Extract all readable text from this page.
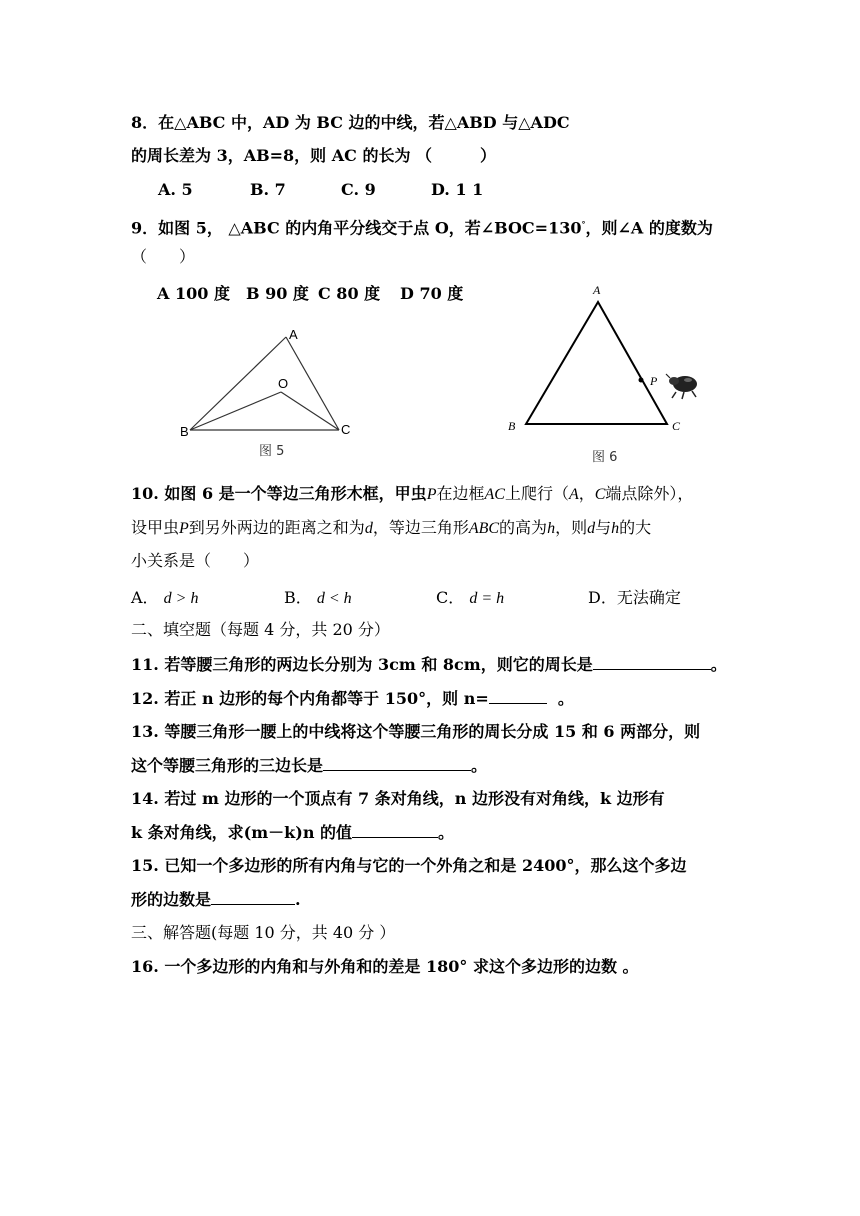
8．在△ABC 中，AD 为 BC 边的中线，若△ABD 与△ADC
的周长差为 3，AB=8，则 AC 的长为 （　　　）
A. 5	B. 7	C. 9	D. 1 1
9．如图 5， △ABC 的内角平分线交于点 O，若∠BOC=130°，则∠A 的度数为
（　　）
A 100 度 B 90 度 C 80 度 D 70 度
A
O
B	C
图 5
A
P
B	C
图 6
10. 如图 6 是一个等边三角形木框，甲虫P在边框AC上爬行（A，C端点除外），
设甲虫P到另外两边的距离之和为d，等边三角形ABC的高为h，则d与h的大
小关系是（　　）
A． d > h	B． d < h	C． d = h	D．无法确定
二、填空题（每题 4 分，共 20 分）
11. 若等腰三角形的两边长分别为 3cm 和 8cm，则它的周长是	。
12. 若正 n 边形的每个内角都等于 150°，则 n=	。
13. 等腰三角形一腰上的中线将这个等腰三角形的周长分成 15 和 6 两部分，则
这个等腰三角形的三边长是	。
14. 若过 m 边形的一个顶点有 7 条对角线，n 边形没有对角线，k 边形有
k 条对角线，求(m－k)n 的值	。
15. 已知一个多边形的所有内角与它的一个外角之和是 2400°，那么这个多边
形的边数是	.
三、解答题(每题 10 分，共 40 分 ）
16. 一个多边形的内角和与外角和的差是 180° 求这个多边形的边数 。
